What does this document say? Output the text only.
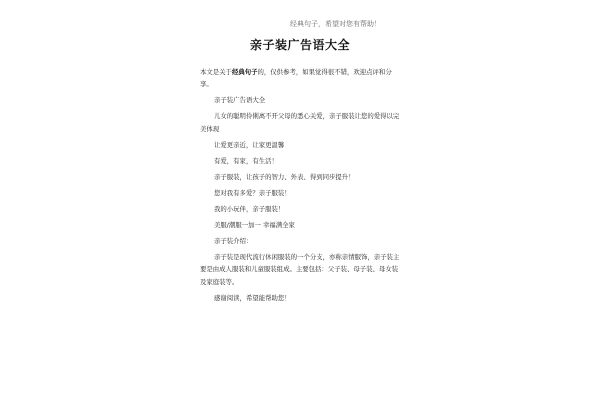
经典句子，希望对您有帮助！
亲子装广告语大全

本文是关于经典句子的，仅供参考，如果觉得很不错，欢迎点评和分享。

亲子装广告语大全

儿女的聪明伶俐离不开父母的悉心关爱，亲子服装让您的爱得以完美体现

让爱更亲近，让家更温馨

有爱，有家，有生活！

亲子服装，让孩子的智力、外表、得到同步提升！

您对我有多爱？亲子服装！

我的小玩伴，亲子服装！

美服/潮服一加一 幸福满全家

亲子装介绍：

亲子装是现代流行休闲服装的一个分支，亦称亲情服饰，亲子装主要是由成人服装和儿童服装组成。主要包括：父子装、母子装、母女装及家庭装等。

感谢阅读，希望能帮助您！
